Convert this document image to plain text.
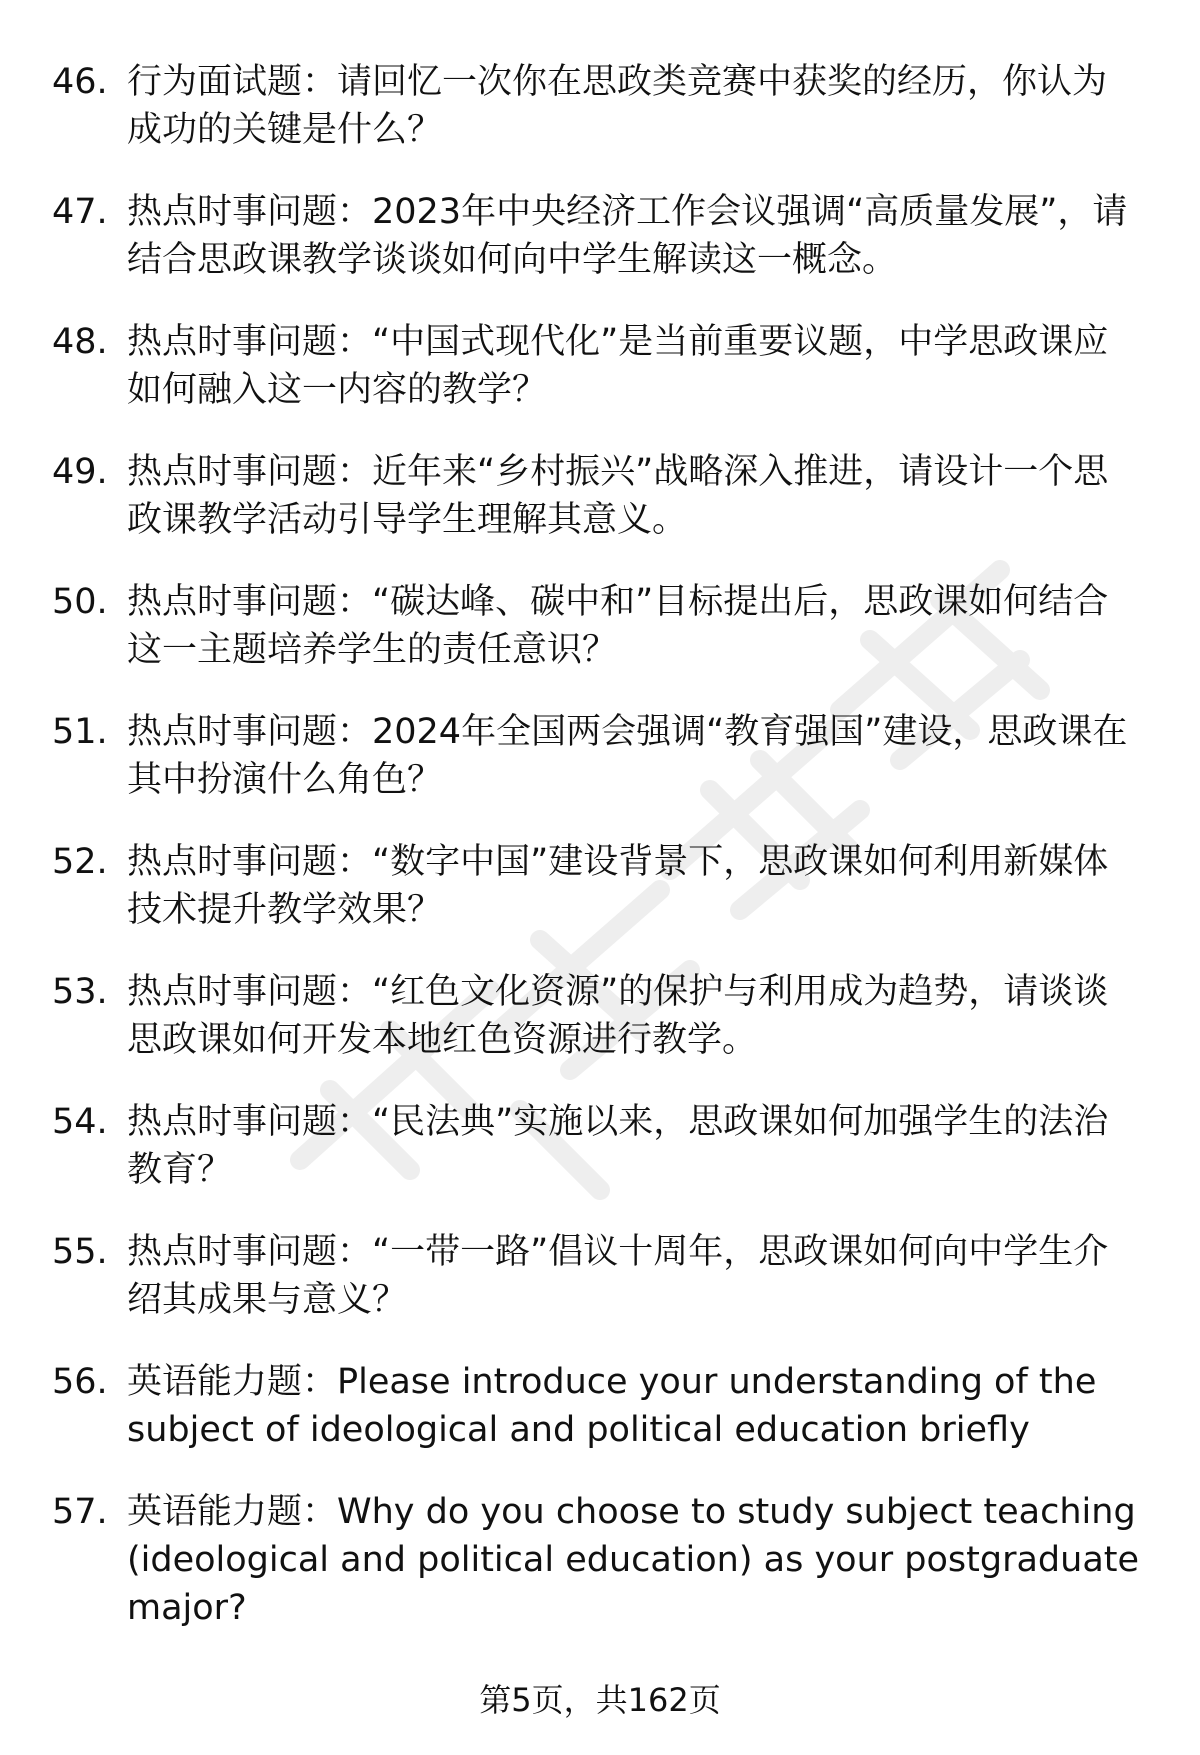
46. 行为面试题：请回忆一次你在思政类竞赛中获奖的经历，你认为成功的关键是什么？
47. 热点时事问题：2023年中央经济工作会议强调“高质量发展”，请结合思政课教学谈谈如何向中学生解读这一概念。
48. 热点时事问题：“中国式现代化”是当前重要议题，中学思政课应如何融入这一内容的教学？
49. 热点时事问题：近年来“乡村振兴”战略深入推进，请设计一个思政课教学活动引导学生理解其意义。
50. 热点时事问题：“碳达峰、碳中和”目标提出后，思政课如何结合这一主题培养学生的责任意识？
51. 热点时事问题：2024年全国两会强调“教育强国”建设，思政课在其中扮演什么角色？
52. 热点时事问题：“数字中国”建设背景下，思政课如何利用新媒体技术提升教学效果？
53. 热点时事问题：“红色文化资源”的保护与利用成为趋势，请谈谈思政课如何开发本地红色资源进行教学。
54. 热点时事问题：“民法典”实施以来，思政课如何加强学生的法治教育？
55. 热点时事问题：“一带一路”倡议十周年，思政课如何向中学生介绍其成果与意义？
56. 英语能力题：Please introduce your understanding of the subject of ideological and political education briefly
57. 英语能力题：Why do you choose to study subject teaching (ideological and political education) as your postgraduate major?
第5页，共162页
